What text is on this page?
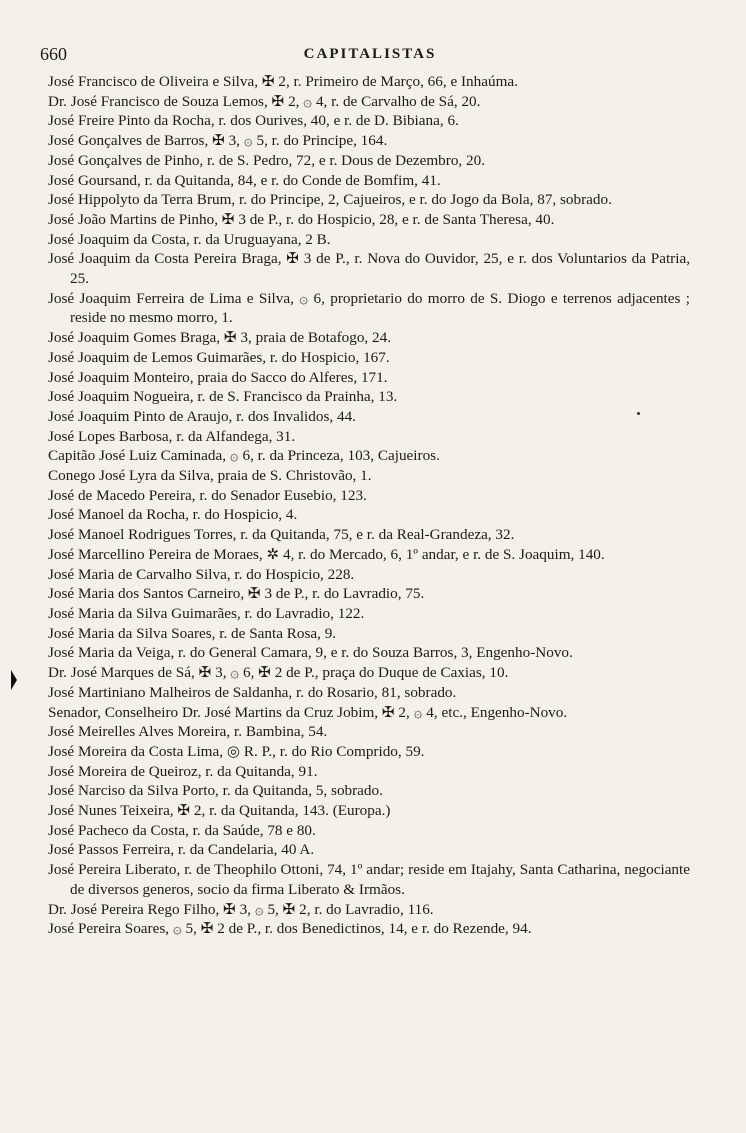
660	CAPITALISTAS
José Francisco de Oliveira e Silva, ✠ 2, r. Primeiro de Março, 66, e Inhaúma.
Dr. José Francisco de Souza Lemos, ✠ 2, ۞ 4, r. de Carvalho de Sá, 20.
José Freire Pinto da Rocha, r. dos Ourives, 40, e r. de D. Bibiana, 6.
José Gonçalves de Barros, ✠ 3, ۞ 5, r. do Principe, 164.
José Gonçalves de Pinho, r. de S. Pedro, 72, e r. Dous de Dezembro, 20.
José Goursand, r. da Quitanda, 84, e r. do Conde de Bomfim, 41.
José Hippolyto da Terra Brum, r. do Principe, 2, Cajueiros, e r. do Jogo da Bola, 87, sobrado.
José João Martins de Pinho, ✠ 3 de P., r. do Hospicio, 28, e r. de Santa Theresa, 40.
José Joaquim da Costa, r. da Uruguayana, 2 B.
José Joaquim da Costa Pereira Braga, ✠ 3 de P., r. Nova do Ouvidor, 25, e r. dos Voluntarios da Patria, 25.
José Joaquim Ferreira de Lima e Silva, ۞ 6, proprietario do morro de S. Diogo e terrenos adjacentes ; reside no mesmo morro, 1.
José Joaquim Gomes Braga, ✠ 3, praia de Botafogo, 24.
José Joaquim de Lemos Guimarães, r. do Hospicio, 167.
José Joaquim Monteiro, praia do Sacco do Alferes, 171.
José Joaquim Nogueira, r. de S. Francisco da Prainha, 13.
José Joaquim Pinto de Araujo, r. dos Invalidos, 44.
José Lopes Barbosa, r. da Alfandega, 31.
Capitão José Luiz Caminada, ۞ 6, r. da Princeza, 103, Cajueiros.
Conego José Lyra da Silva, praia de S. Christovão, 1.
José de Macedo Pereira, r. do Senador Eusebio, 123.
José Manoel da Rocha, r. do Hospicio, 4.
José Manoel Rodrigues Torres, r. da Quitanda, 75, e r. da Real-Grandeza, 32.
José Marcellino Pereira de Moraes, ✲ 4, r. do Mercado, 6, 1º andar, e r. de S. Joaquim, 140.
José Maria de Carvalho Silva, r. do Hospicio, 228.
José Maria dos Santos Carneiro, ✠ 3 de P., r. do Lavradio, 75.
José Maria da Silva Guimarães, r. do Lavradio, 122.
José Maria da Silva Soares, r. de Santa Rosa, 9.
José Maria da Veiga, r. do General Camara, 9, e r. do Souza Barros, 3, Engenho-Novo.
Dr. José Marques de Sá, ✠ 3, ۞ 6, ✠ 2 de P., praça do Duque de Caxias, 10.
José Martiniano Malheiros de Saldanha, r. do Rosario, 81, sobrado.
Senador, Conselheiro Dr. José Martins da Cruz Jobim, ✠ 2, ۞ 4, etc., Engenho-Novo.
José Meirelles Alves Moreira, r. Bambina, 54.
José Moreira da Costa Lima, ◎ R. P., r. do Rio Comprido, 59.
José Moreira de Queiroz, r. da Quitanda, 91.
José Narciso da Silva Porto, r. da Quitanda, 5, sobrado.
José Nunes Teixeira, ✠ 2, r. da Quitanda, 143. (Europa.)
José Pacheco da Costa, r. da Saúde, 78 e 80.
José Passos Ferreira, r. da Candelaria, 40 A.
José Pereira Liberato, r. de Theophilo Ottoni, 74, 1º andar; reside em Itajahy, Santa Catharina, negociante de diversos generos, socio da firma Liberato & Irmãos.
Dr. José Pereira Rego Filho, ✠ 3, ۞ 5, ✠ 2, r. do Lavradio, 116.
José Pereira Soares, ۞ 5, ✠ 2 de P., r. dos Benedictinos, 14, e r. do Rezende, 94.
